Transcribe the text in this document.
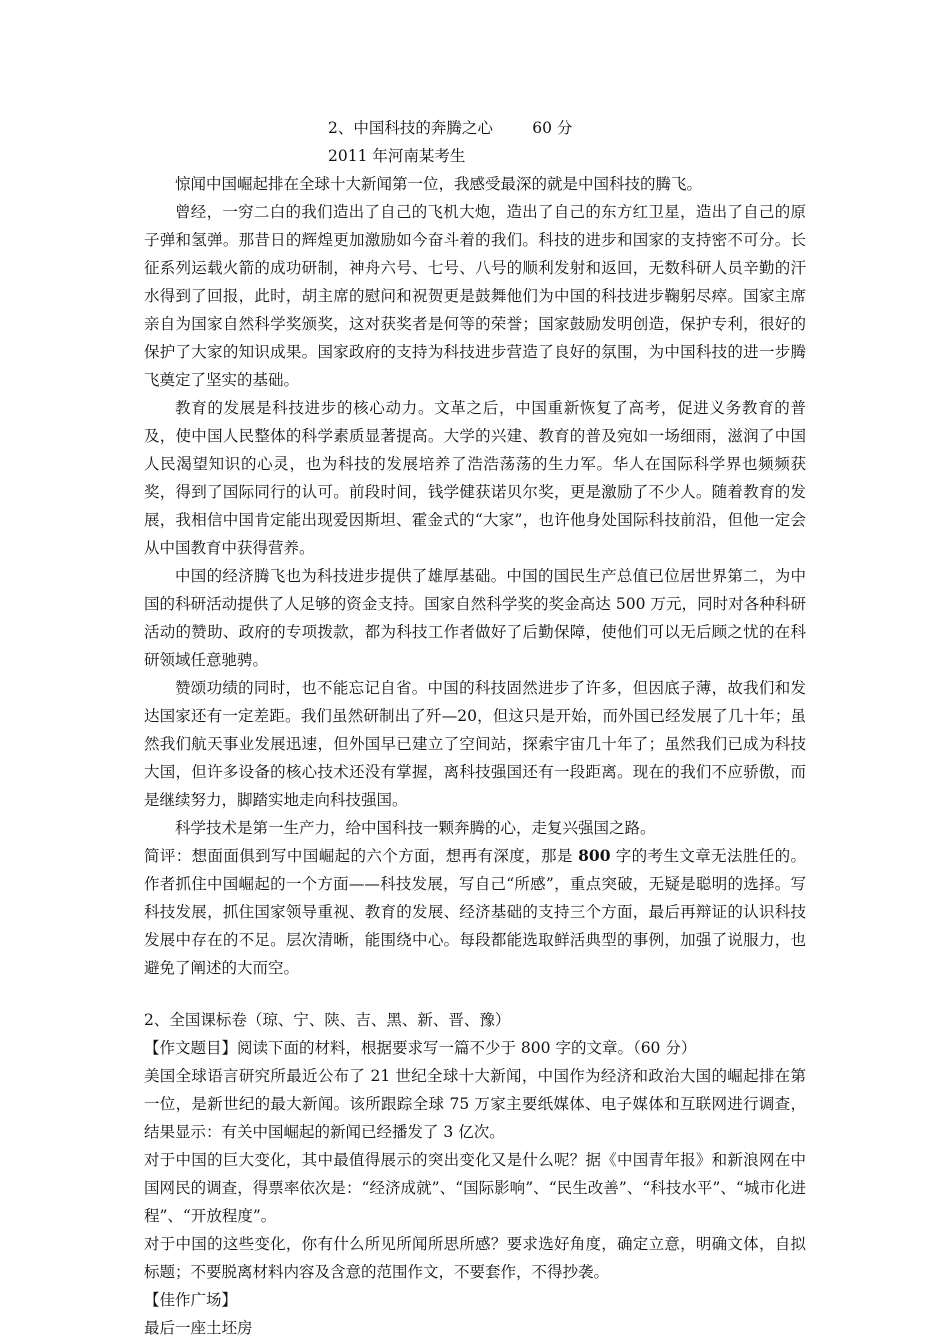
2、中国科技的奔腾之心        60 分
2011 年河南某考生

惊闻中国崛起排在全球十大新闻第一位，我感受最深的就是中国科技的腾飞。

曾经，一穷二白的我们造出了自己的飞机大炮，造出了自己的东方红卫星，造出了自己的原子弹和氢弹。那昔日的辉煌更加激励如今奋斗着的我们。科技的进步和国家的支持密不可分。长征系列运载火箭的成功研制，神舟六号、七号、八号的顺利发射和返回，无数科研人员辛勤的汗水得到了回报，此时，胡主席的慰问和祝贺更是鼓舞他们为中国的科技进步鞠躬尽瘁。国家主席亲自为国家自然科学奖颁奖，这对获奖者是何等的荣誉；国家鼓励发明创造，保护专利，很好的保护了大家的知识成果。国家政府的支持为科技进步营造了良好的氛围，为中国科技的进一步腾飞奠定了坚实的基础。

教育的发展是科技进步的核心动力。文革之后，中国重新恢复了高考，促进义务教育的普及，使中国人民整体的科学素质显著提高。大学的兴建、教育的普及宛如一场细雨，滋润了中国人民渴望知识的心灵，也为科技的发展培养了浩浩荡荡的生力军。华人在国际科学界也频频获奖，得到了国际同行的认可。前段时间，钱学健获诺贝尔奖，更是激励了不少人。随着教育的发展，我相信中国肯定能出现爱因斯坦、霍金式的“大家”，也许他身处国际科技前沿，但他一定会从中国教育中获得营养。

中国的经济腾飞也为科技进步提供了雄厚基础。中国的国民生产总值已位居世界第二，为中国的科研活动提供了人足够的资金支持。国家自然科学奖的奖金高达 500 万元，同时对各种科研活动的赞助、政府的专项拨款，都为科技工作者做好了后勤保障，使他们可以无后顾之忧的在科研领域任意驰骋。

赞颂功绩的同时，也不能忘记自省。中国的科技固然进步了许多，但因底子薄，故我们和发达国家还有一定差距。我们虽然研制出了歼—20，但这只是开始，而外国已经发展了几十年；虽然我们航天事业发展迅速，但外国早已建立了空间站，探索宇宙几十年了；虽然我们已成为科技大国，但许多设备的核心技术还没有掌握，离科技强国还有一段距离。现在的我们不应骄傲，而是继续努力，脚踏实地走向科技强国。

科学技术是第一生产力，给中国科技一颗奔腾的心，走复兴强国之路。

简评：想面面俱到写中国崛起的六个方面，想再有深度，那是 800 字的考生文章无法胜任的。作者抓住中国崛起的一个方面——科技发展，写自己“所感”，重点突破，无疑是聪明的选择。写科技发展，抓住国家领导重视、教育的发展、经济基础的支持三个方面，最后再辩证的认识科技发展中存在的不足。层次清晰，能围绕中心。每段都能选取鲜活典型的事例，加强了说服力，也避免了阐述的大而空。

2、全国课标卷（琼、宁、陕、吉、黑、新、晋、豫）

【作文题目】阅读下面的材料，根据要求写一篇不少于 800 字的文章。（60 分）

美国全球语言研究所最近公布了 21 世纪全球十大新闻，中国作为经济和政治大国的崛起排在第一位，是新世纪的最大新闻。该所跟踪全球 75 万家主要纸媒体、电子媒体和互联网进行调查，结果显示：有关中国崛起的新闻已经播发了 3 亿次。

对于中国的巨大变化，其中最值得展示的突出变化又是什么呢？据《中国青年报》和新浪网在中国网民的调查，得票率依次是：“经济成就”、“国际影响”、“民生改善”、“科技水平”、“城市化进程”、“开放程度”。

对于中国的这些变化，你有什么所见所闻所思所感？要求选好角度，确定立意，明确文体，自拟标题；不要脱离材料内容及含意的范围作文，不要套作，不得抄袭。

【佳作广场】

最后一座土坯房
